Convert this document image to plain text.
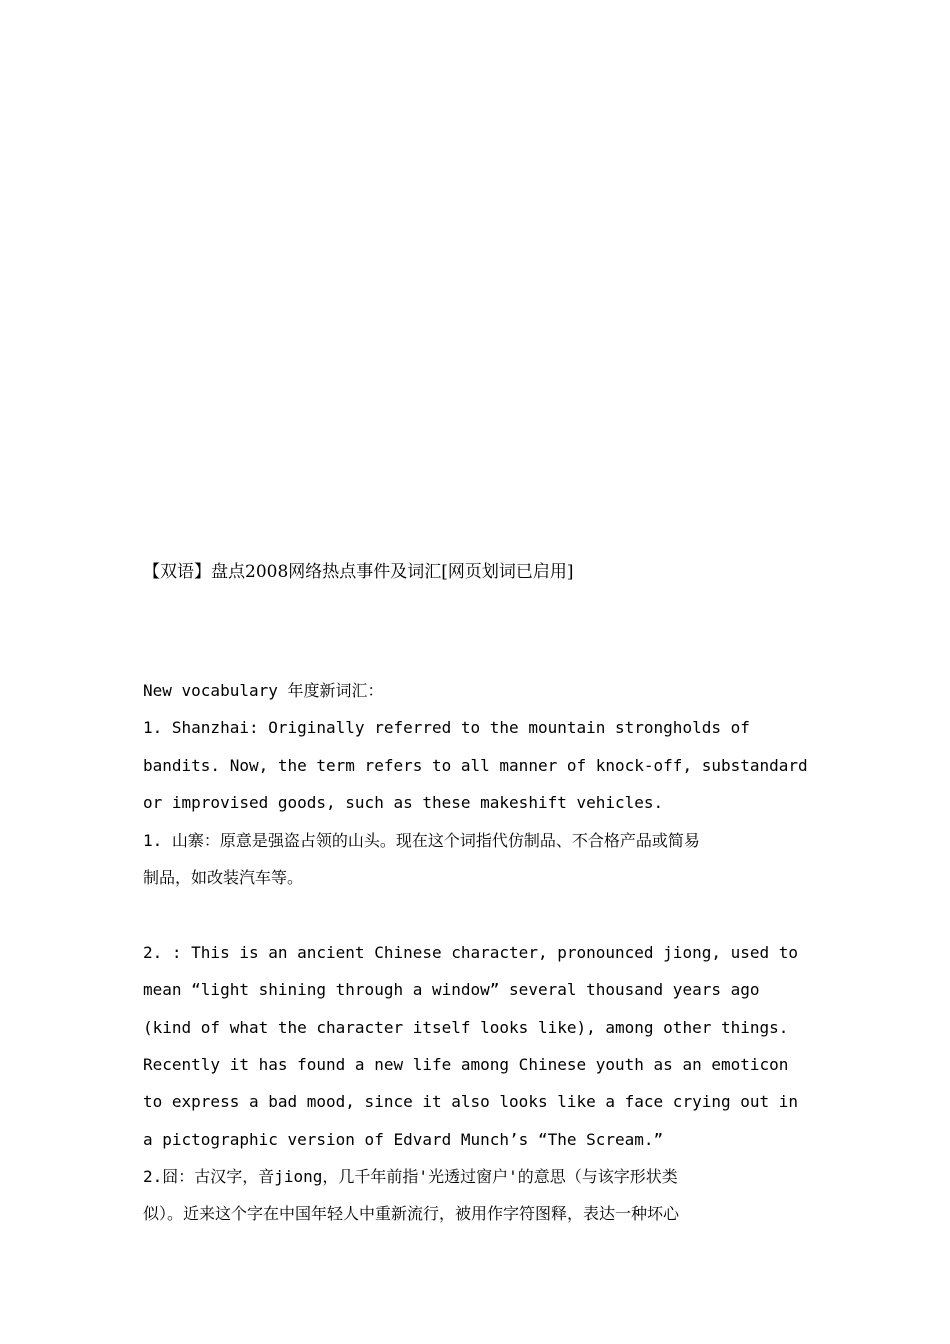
【双语】盘点2008网络热点事件及词汇[网页划词已启用]
New vocabulary 年度新词汇：
1. Shanzhai: Originally referred to the mountain strongholds of
bandits. Now, the term refers to all manner of knock-off, substandard
or improvised goods, such as these makeshift vehicles.
1. 山寨：原意是强盗占领的山头。现在这个词指代仿制品、不合格产品或简易
制品，如改装汽车等。
2. : This is an ancient Chinese character, pronounced jiong, used to
mean “light shining through a window” several thousand years ago
(kind of what the character itself looks like), among other things.
Recently it has found a new life among Chinese youth as an emoticon
to express a bad mood, since it also looks like a face crying out in
a pictographic version of Edvard Munch’s “The Scream.”
2.囧：古汉字，音jiong，几千年前指'光透过窗户'的意思（与该字形状类
似）。近来这个字在中国年轻人中重新流行，被用作字符图释，表达一种坏心
